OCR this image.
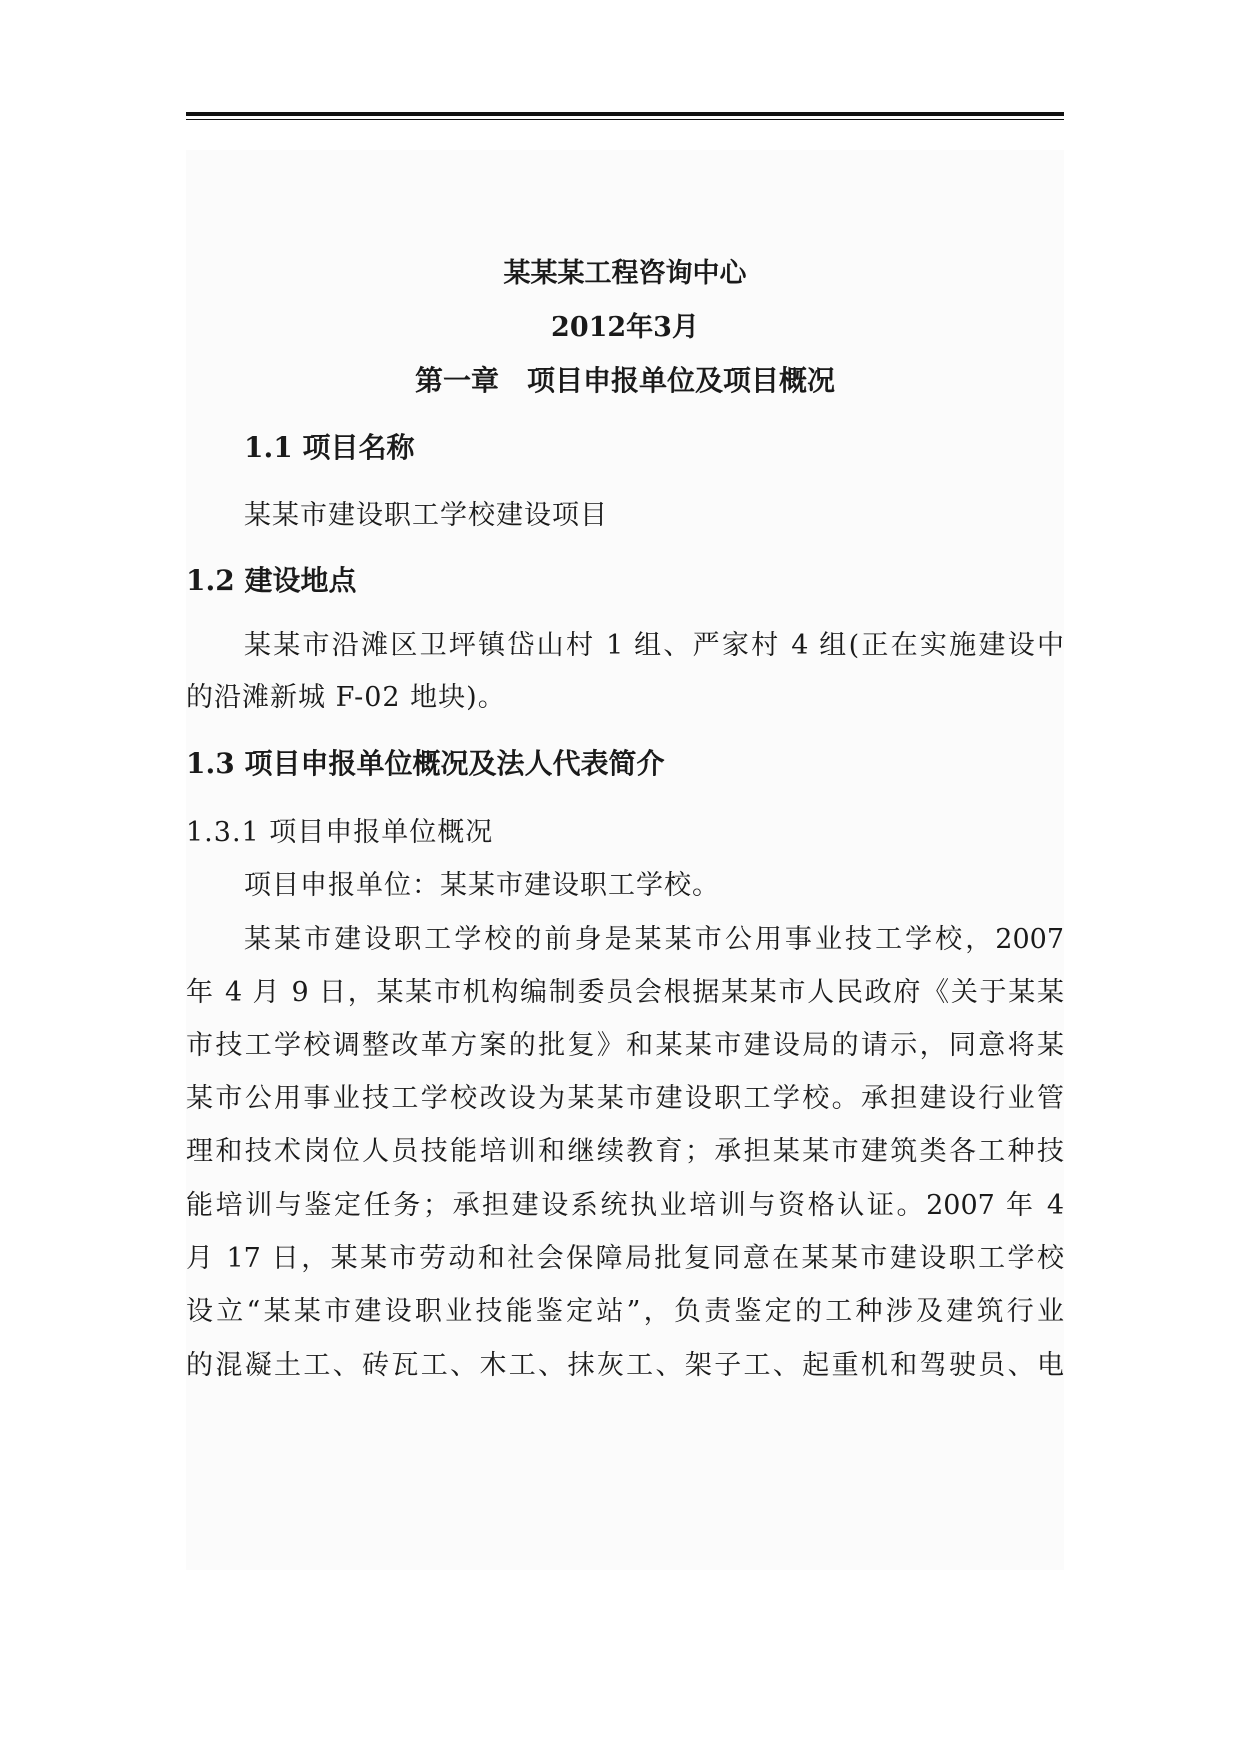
某某某工程咨询中心
2012年3月
第一章　项目申报单位及项目概况
1.1 项目名称
某某市建设职工学校建设项目
1.2 建设地点
某某市沿滩区卫坪镇岱山村 1 组、严家村 4 组(正在实施建设中
的沿滩新城 F-02 地块)。
1.3 项目申报单位概况及法人代表简介
1.3.1 项目申报单位概况
项目申报单位：某某市建设职工学校。
某某市建设职工学校的前身是某某市公用事业技工学校，2007
年 4 月 9 日，某某市机构编制委员会根据某某市人民政府《关于某某
市技工学校调整改革方案的批复》和某某市建设局的请示，同意将某
某市公用事业技工学校改设为某某市建设职工学校。承担建设行业管
理和技术岗位人员技能培训和继续教育；承担某某市建筑类各工种技
能培训与鉴定任务；承担建设系统执业培训与资格认证。2007 年 4
月 17 日，某某市劳动和社会保障局批复同意在某某市建设职工学校
设立“某某市建设职业技能鉴定站”，负责鉴定的工种涉及建筑行业
的混凝土工、砖瓦工、木工、抹灰工、架子工、起重机和驾驶员、电
